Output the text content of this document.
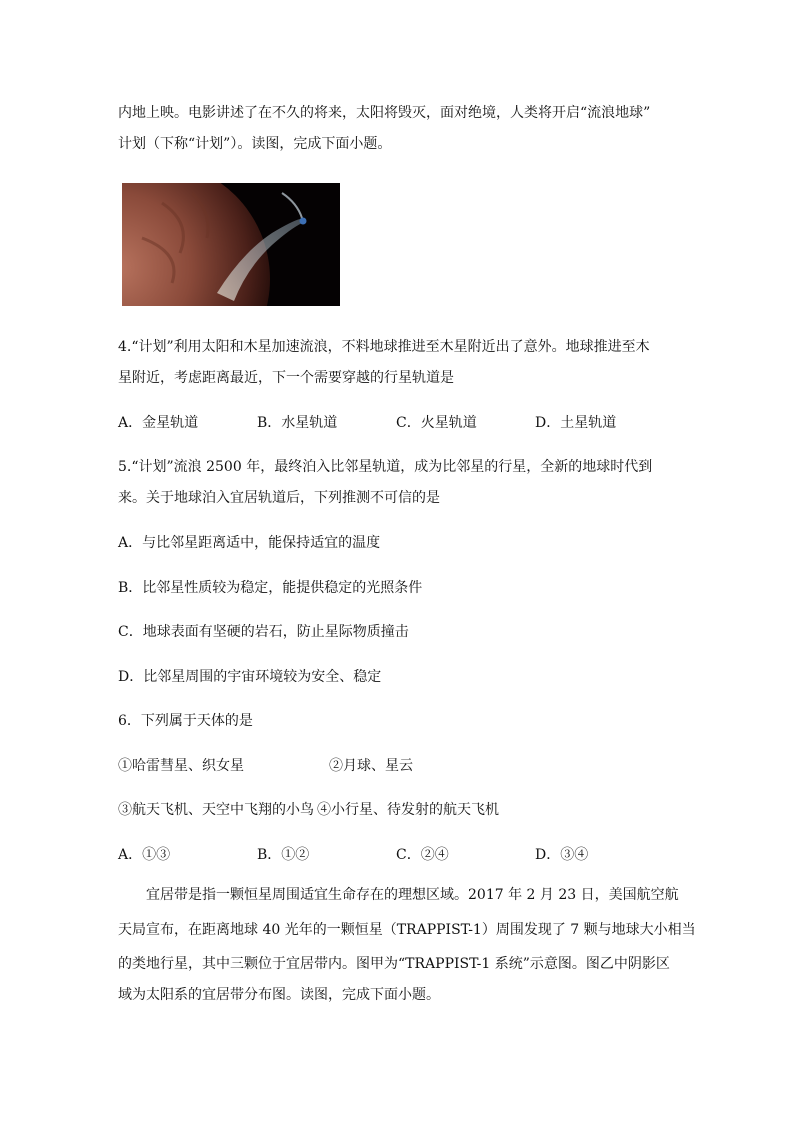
内地上映。电影讲述了在不久的将来，太阳将毁灭，面对绝境，人类将开启“流浪地球”
计划（下称“计划”）。读图，完成下面小题。
4.“计划”利用太阳和木星加速流浪，不料地球推进至木星附近出了意外。地球推进至木
星附近，考虑距离最近，下一个需要穿越的行星轨道是
A．金星轨道	B．水星轨道	C．火星轨道	D．土星轨道
5.“计划”流浪 2500 年，最终泊入比邻星轨道，成为比邻星的行星，全新的地球时代到
来。关于地球泊入宜居轨道后，下列推测不可信的是
A．与比邻星距离适中，能保持适宜的温度
B．比邻星性质较为稳定，能提供稳定的光照条件
C．地球表面有坚硬的岩石，防止星际物质撞击
D．比邻星周围的宇宙环境较为安全、稳定
6．下列属于天体的是
①哈雷彗星、织女星	②月球、星云
③航天飞机、天空中飞翔的小鸟 ④小行星、待发射的航天飞机
A．①③	B．①②	C．②④	D．③④
宜居带是指一颗恒星周围适宜生命存在的理想区域。2017 年 2 月 23 日，美国航空航
天局宣布，在距离地球 40 光年的一颗恒星（TRAPPIST-1）周围发现了 7 颗与地球大小相当
的类地行星，其中三颗位于宜居带内。图甲为“TRAPPIST-1 系统”示意图。图乙中阴影区
域为太阳系的宜居带分布图。读图，完成下面小题。
